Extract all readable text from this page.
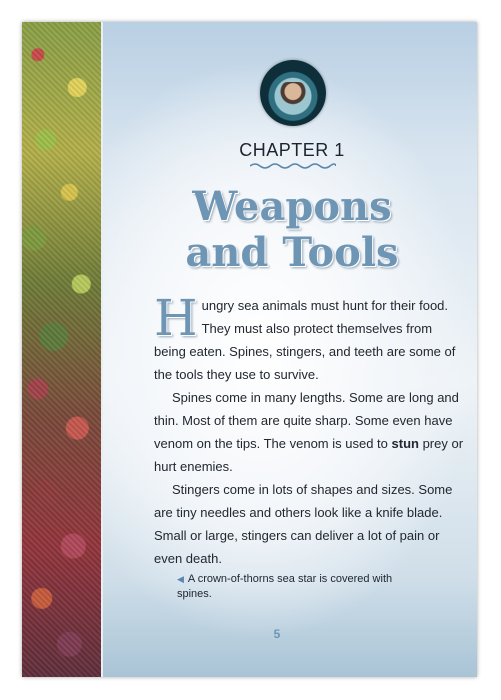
CHAPTER 1
Weapons
and Tools

Hungry sea animals must hunt for their food. They must also protect themselves from being eaten. Spines, stingers, and teeth are some of the tools they use to survive.

Spines come in many lengths. Some are long and thin. Most of them are quite sharp. Some even have venom on the tips. The venom is used to stun prey or hurt enemies.

Stingers come in lots of shapes and sizes. Some are tiny needles and others look like a knife blade. Small or large, stingers can deliver a lot of pain or even death.

◀ A crown-of-thorns sea star is covered with spines.
5
